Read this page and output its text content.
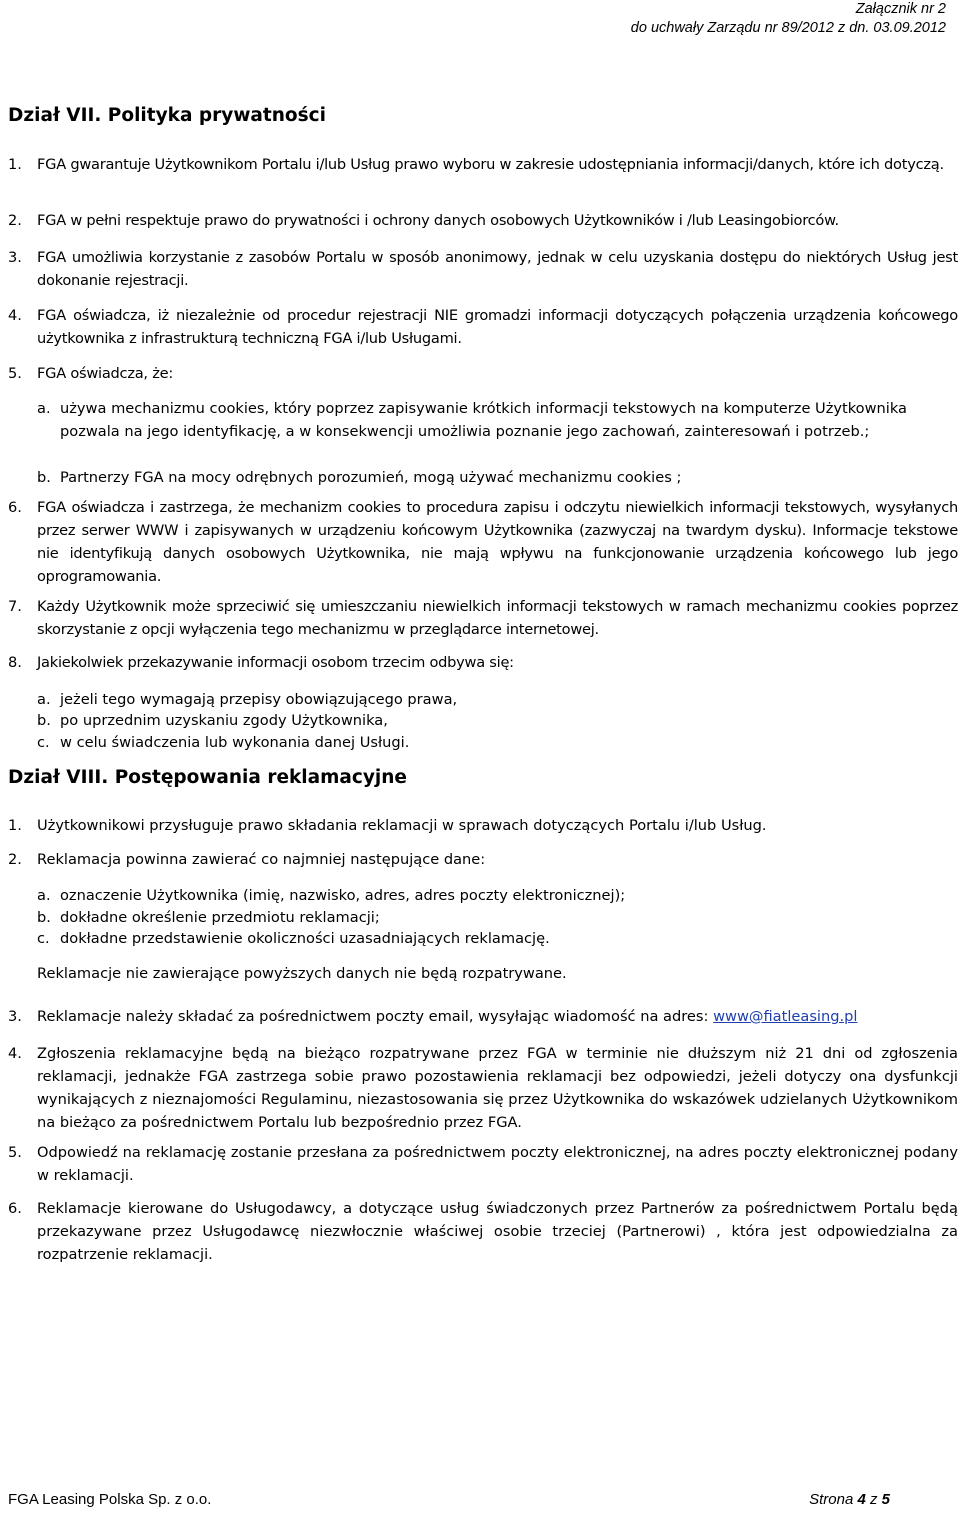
Załącznik nr 2
do uchwały Zarządu nr 89/2012 z dn. 03.09.2012
Dział VII. Polityka prywatności
1. FGA gwarantuje Użytkownikom Portalu i/lub Usług prawo wyboru w zakresie udostępniania informacji/danych, które ich dotyczą.
2. FGA w pełni respektuje prawo do prywatności i ochrony danych osobowych Użytkowników i /lub Leasingobiorców.
3. FGA umożliwia korzystanie z zasobów Portalu w sposób anonimowy, jednak w celu uzyskania dostępu do niektórych Usług jest dokonanie rejestracji.
4. FGA oświadcza, iż niezależnie od procedur rejestracji NIE gromadzi informacji dotyczących połączenia urządzenia końcowego użytkownika z infrastrukturą techniczną FGA i/lub Usługami.
5. FGA oświadcza, że:
a. używa mechanizmu cookies, który poprzez zapisywanie krótkich informacji tekstowych na komputerze Użytkownika pozwala na jego identyfikację, a w konsekwencji umożliwia poznanie jego zachowań, zainteresowań i potrzeb.;
b. Partnerzy FGA na mocy odrębnych porozumień, mogą używać mechanizmu cookies ;
6. FGA oświadcza i zastrzega, że mechanizm cookies to procedura zapisu i odczytu niewielkich informacji tekstowych, wysyłanych przez serwer WWW i zapisywanych w urządzeniu końcowym Użytkownika (zazwyczaj na twardym dysku). Informacje tekstowe nie identyfikują danych osobowych Użytkownika, nie mają wpływu na funkcjonowanie urządzenia końcowego lub jego oprogramowania.
7. Każdy Użytkownik może sprzeciwić się umieszczaniu niewielkich informacji tekstowych w ramach mechanizmu cookies poprzez skorzystanie z opcji wyłączenia tego mechanizmu w przeglądarce internetowej.
8. Jakiekolwiek przekazywanie informacji osobom trzecim odbywa się:
a. jeżeli tego wymagają przepisy obowiązującego prawa,
b. po uprzednim uzyskaniu zgody Użytkownika,
c. w celu świadczenia lub wykonania danej Usługi.
Dział VIII. Postępowania reklamacyjne
1. Użytkownikowi przysługuje prawo składania reklamacji w sprawach dotyczących Portalu i/lub Usług.
2. Reklamacja powinna zawierać co najmniej następujące dane:
a. oznaczenie Użytkownika (imię, nazwisko, adres, adres poczty elektronicznej);
b. dokładne określenie przedmiotu reklamacji;
c. dokładne przedstawienie okoliczności uzasadniających reklamację.
Reklamacje nie zawierające powyższych danych nie będą rozpatrywane.
3. Reklamacje należy składać za pośrednictwem poczty email, wysyłając wiadomość na adres: www@fiatleasing.pl
4. Zgłoszenia reklamacyjne będą na bieżąco rozpatrywane przez FGA w terminie nie dłuższym niż 21 dni od zgłoszenia reklamacji, jednakże FGA zastrzega sobie prawo pozostawienia reklamacji bez odpowiedzi, jeżeli dotyczy ona dysfunkcji wynikających z nieznajomości Regulaminu, niezastosowania się przez Użytkownika do wskazówek udzielanych Użytkownikom na bieżąco za pośrednictwem Portalu lub bezpośrednio przez FGA.
5. Odpowiedź na reklamację zostanie przesłana za pośrednictwem poczty elektronicznej, na adres poczty elektronicznej podany w reklamacji.
6. Reklamacje kierowane do Usługodawcy, a dotyczące usług świadczonych przez Partnerów za pośrednictwem Portalu będą przekazywane przez Usługodawcę niezwłocznie właściwej osobie trzeciej (Partnerowi) , która jest odpowiedzialna za rozpatrzenie reklamacji.
FGA Leasing Polska Sp. z o.o.	Strona 4 z 5
